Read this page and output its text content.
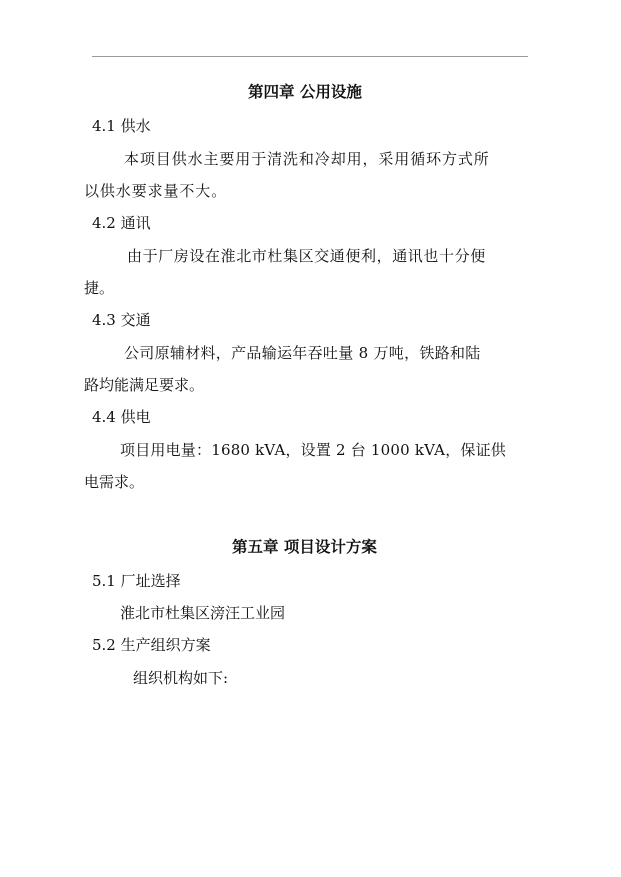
第四章 公用设施
4.1 供水
本项目供水主要用于清洗和冷却用，采用循环方式所
以供水要求量不大。
4.2 通讯
由于厂房设在淮北市杜集区交通便利，通讯也十分便
捷。
4.3 交通
公司原辅材料，产品输运年吞吐量 8 万吨，铁路和陆
路均能满足要求。
4.4 供电
项目用电量：1680 kVA，设置 2 台 1000 kVA，保证供
电需求。
第五章 项目设计方案
5.1 厂址选择
淮北市杜集区滂汪工业园
5.2 生产组织方案
组织机构如下:
